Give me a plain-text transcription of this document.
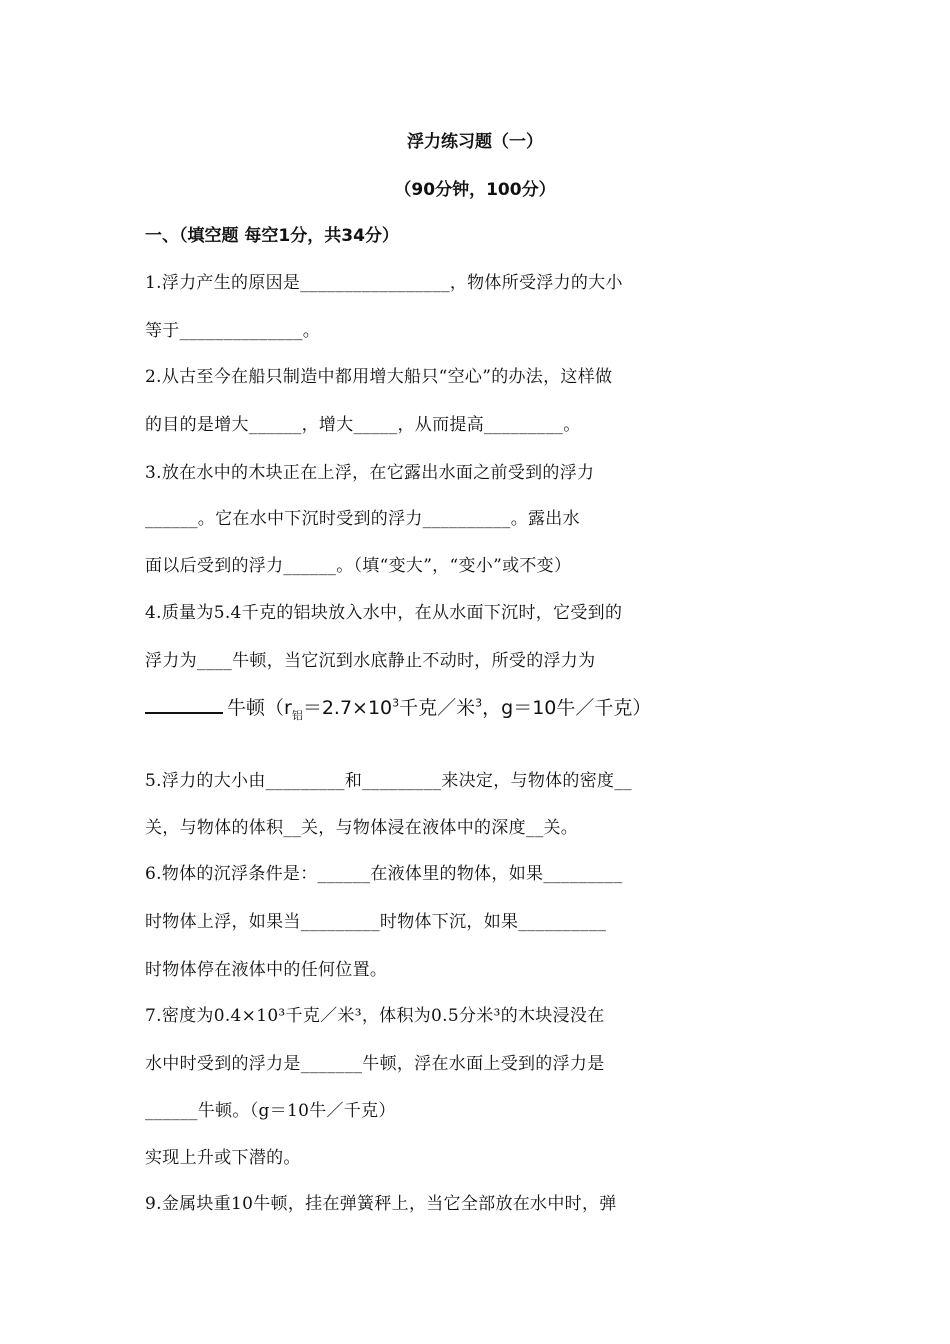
浮力练习题（一）
（90分钟，100分）
一、（填空题 每空1分，共34分）
1.浮力产生的原因是_________________，物体所受浮力的大小
等于______________。
2.从古至今在船只制造中都用增大船只“空心”的办法，这样做
的目的是增大______，增大_____，从而提高_________。
3.放在水中的木块正在上浮，在它露出水面之前受到的浮力
______。它在水中下沉时受到的浮力__________。露出水
面以后受到的浮力______。（填“变大”，“变小”或不变）
4.质量为5.4千克的铝块放入水中，在从水面下沉时，它受到的
浮力为____牛顿，当它沉到水底静止不动时，所受的浮力为
牛顿（$r_铝=2.7\times 10^3$千克／米$^3$，g＝10牛／千克）
5.浮力的大小由_________和_________来决定，与物体的密度__
关，与物体的体积__关，与物体浸在液体中的深度__关。
6.物体的沉浮条件是：______在液体里的物体，如果_________
时物体上浮，如果当_________时物体下沉，如果__________
时物体停在液体中的任何位置。
7.密度为0.4×10³千克／米³，体积为0.5分米³的木块浸没在
水中时受到的浮力是_______牛顿，浮在水面上受到的浮力是
______牛顿。（g＝10牛／千克）
实现上升或下潜的。
9.金属块重10牛顿，挂在弹簧秤上，当它全部放在水中时，弹
